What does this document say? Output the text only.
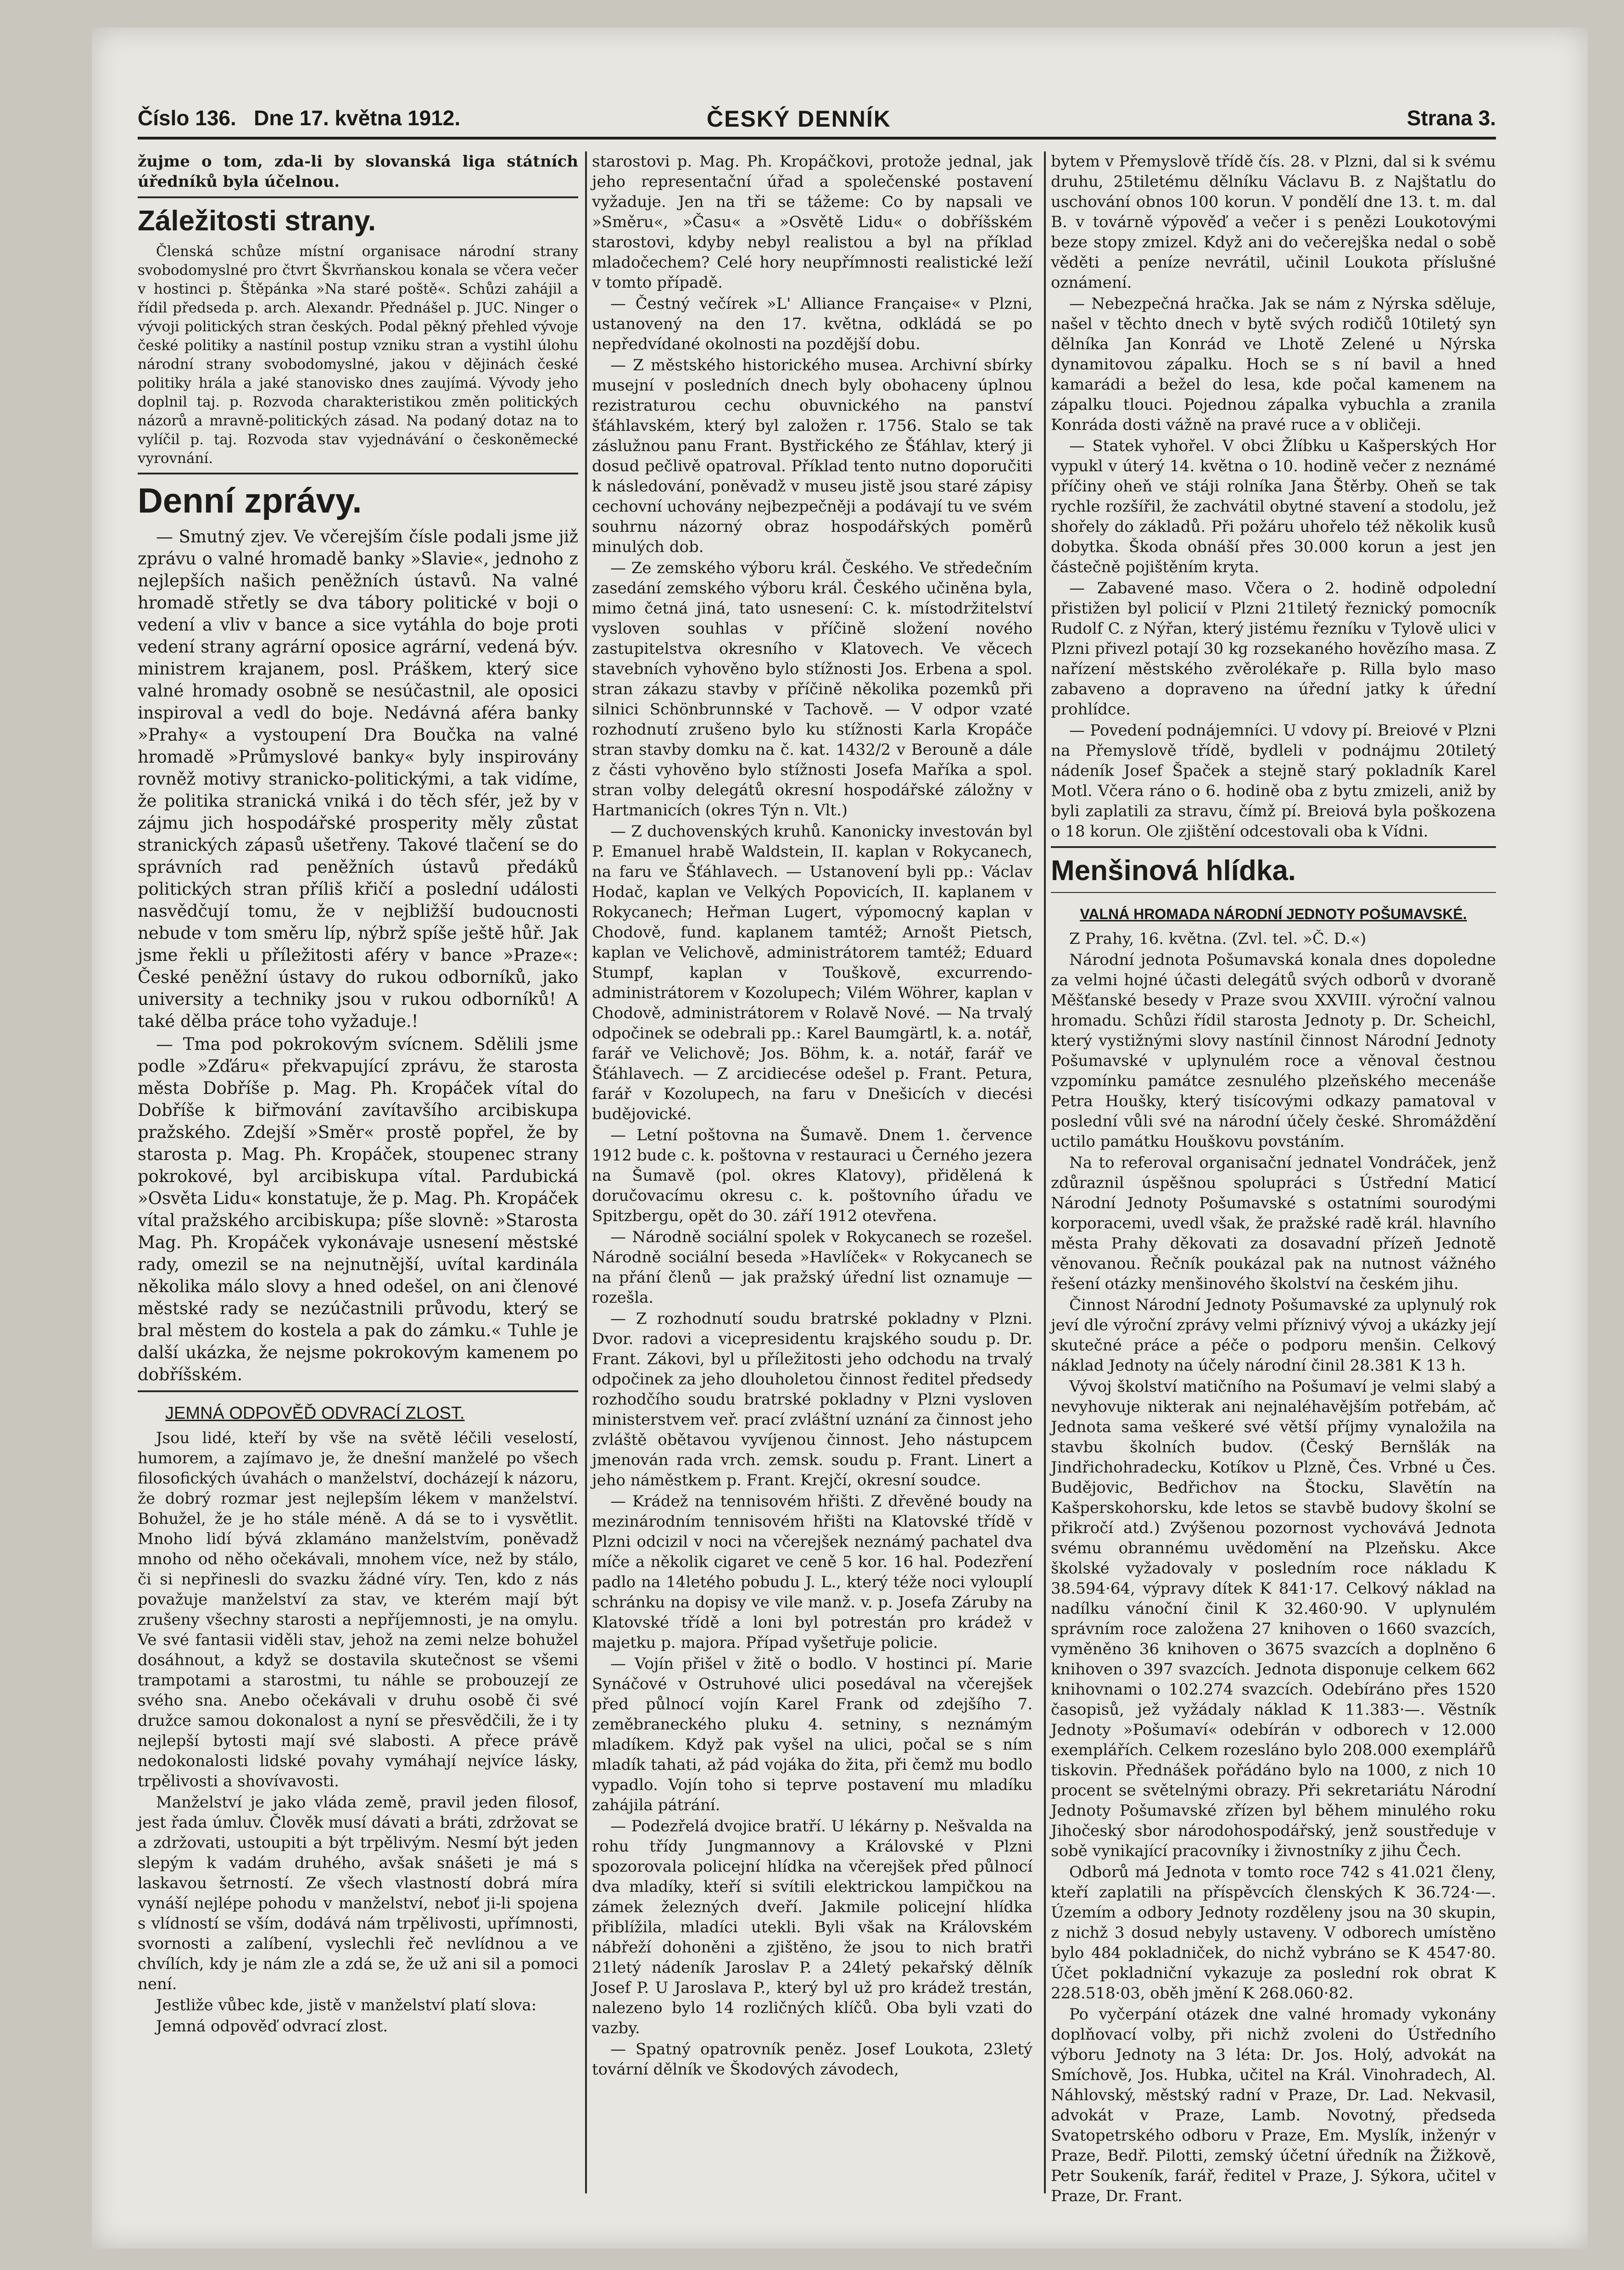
Číslo 136. Dne 17. května 1912.	ČESKÝ DENNÍK	Strana 3.

žujme o tom, zda-li by slovanská liga státních úředníků byla účelnou.

Záležitosti strany.

Členská schůze místní organisace národní strany svobodomyslné pro čtvrt Škvrňanskou konala se včera večer v hostinci p. Štěpánka »Na staré poště«. Schůzi zahájil a řídil předseda p. arch. Alexandr. Přednášel p. JUC. Ninger o vývoji politických stran českých. Podal pěkný přehled vývoje české politiky a nastínil postup vzniku stran a vystihl úlohu národní strany svobodomyslné, jakou v dějinách české politiky hrála a jaké stanovisko dnes zaujímá. Vývody jeho doplnil taj. p. Rozvoda charakteristikou změn politických názorů a mravně-politických zásad. Na podaný dotaz na to vylíčil p. taj. Rozvoda stav vyjednávání o českoněmecké vyrovnání.

Denní zprávy.

— Smutný zjev. Ve včerejším čísle podali jsme již zprávu o valné hromadě banky »Slavie«, jednoho z nejlepších našich peněžních ústavů. Na valné hromadě střetly se dva tábory politické v boji o vedení a vliv v bance a sice vytáhla do boje proti vedení strany agrární oposice agrární, vedená býv. ministrem krajanem, posl. Práškem, který sice valné hromady osobně se nesúčastnil, ale oposici inspiroval a vedl do boje. Nedávná aféra banky »Prahy« a vystoupení Dra Boučka na valné hromadě »Průmyslové banky« byly inspirovány rovněž motivy stranicko-politickými, a tak vidíme, že politika stranická vniká i do těch sfér, jež by v zájmu jich hospodářské prosperity měly zůstat stranických zápasů ušetřeny. Takové tlačení se do správních rad peněžních ústavů předáků politických stran příliš křičí a poslední události nasvědčují tomu, že v nejbližší budoucnosti nebude v tom směru líp, nýbrž spíše ještě hůř. Jak jsme řekli u příležitosti aféry v bance »Praze«: České peněžní ústavy do rukou odborníků, jako university a techniky jsou v rukou odborníků! A také dělba práce toho vyžaduje.!

— Tma pod pokrokovým svícnem. Sdělili jsme podle »Zďáru« překvapující zprávu, že starosta města Dobříše p. Mag. Ph. Kropáček vítal do Dobříše k biřmování zavítavšího arcibiskupa pražského. Zdejší »Směr« prostě popřel, že by starosta p. Mag. Ph. Kropáček, stoupenec strany pokrokové, byl arcibiskupa vítal. Pardubická »Osvěta Lidu« konstatuje, že p. Mag. Ph. Kropáček vítal pražského arcibiskupa; píše slovně: »Starosta Mag. Ph. Kropáček vykonávaje usnesení městské rady, omezil se na nejnutnější, uvítal kardinála několika málo slovy a hned odešel, on ani členové městské rady se nezúčastnili průvodu, který se bral městem do kostela a pak do zámku.« Tuhle je další ukázka, že nejsme pokrokovým kamenem po dobříšském.

JEMNÁ ODPOVĚĎ ODVRACÍ ZLOST.

Jsou lidé, kteří by vše na světě léčili veselostí, humorem, a zajímavo je, že dnešní manželé po všech filosofických úvahách o manželství, docházejí k názoru, že dobrý rozmar jest nejlepším lékem v manželství. Bohužel, že je ho stále méně. A dá se to i vysvětlit. Mnoho lidí bývá zklamáno manželstvím, poněvadž mnoho od něho očekávali, mnohem více, než by stálo, či si nepřinesli do svazku žádné víry. Ten, kdo z nás považuje manželství za stav, ve kterém mají být zrušeny všechny starosti a nepříjemnosti, je na omylu. Ve své fantasii viděli stav, jehož na zemi nelze bohužel dosáhnout, a když se dostavila skutečnost se všemi trampotami a starostmi, tu náhle se probouzejí ze svého sna. Anebo očekávali v druhu osobě či své družce samou dokonalost a nyní se přesvědčili, že i ty nejlepší bytosti mají své slabosti. A přece právě nedokonalosti lidské povahy vymáhají nejvíce lásky, trpělivosti a shovívavosti.

Manželství je jako vláda země, pravil jeden filosof, jest řada úmluv. Člověk musí dávati a bráti, zdržovat se a zdržovati, ustoupiti a být trpělivým. Nesmí být jeden slepým k vadám druhého, avšak snášeti je má s laskavou šetrností. Ze všech vlastností dobrá míra vynáší nejlépe pohodu v manželství, neboť ji-li spojena s vlídností se vším, dodává nám trpělivosti, upřímnosti, svornosti a zalíbení, vyslechli řeč nevlídnou a ve chvílích, kdy je nám zle a zdá se, že už ani sil a pomoci není.

Jestliže vůbec kde, jistě v manželství platí slova:

Jemná odpověď odvrací zlost.

starostovi p. Mag. Ph. Kropáčkovi, protože jednal, jak jeho representační úřad a společenské postavení vyžaduje. Jen na tři se tážeme: Co by napsali ve »Směru«, »Času« a »Osvětě Lidu« o dobříšském starostovi, kdyby nebyl realistou a byl na příklad mladočechem? Celé hory neupřímnosti realistické leží v tomto případě.

— Čestný večírek »L' Alliance Française« v Plzni, ustanovený na den 17. května, odkládá se po nepředvídané okolnosti na pozdější dobu.

— Z městského historického musea. Archivní sbírky musejní v posledních dnech byly obohaceny úplnou rezistraturou cechu obuvnického na panství šťáhlavském, který byl založen r. 1756. Stalo se tak záslužnou panu Frant. Bystřického ze Šťáhlav, který ji dosud pečlivě opatroval. Příklad tento nutno doporučiti k následování, poněvadž v museu jistě jsou staré zápisy cechovní uchovány nejbezpečněji a podávají tu ve svém souhrnu názorný obraz hospodářských poměrů minulých dob.

— Ze zemského výboru král. Českého. Ve středečním zasedání zemského výboru král. Českého učiněna byla, mimo četná jiná, tato usnesení: C. k. místodržitelství vysloven souhlas v příčině složení nového zastupitelstva okresního v Klatovech. Ve věcech stavebních vyhověno bylo stížnosti Jos. Erbena a spol. stran zákazu stavby v příčině několika pozemků při silnici Schönbrunnské v Tachově. — V odpor vzaté rozhodnutí zrušeno bylo ku stížnosti Karla Kropáče stran stavby domku na č. kat. 1432/2 v Berouně a dále z části vyhověno bylo stížnosti Josefa Maříka a spol. stran volby delegátů okresní hospodářské záložny v Hartmanicích (okres Týn n. Vlt.)

— Z duchovenských kruhů. Kanonicky investován byl P. Emanuel hrabě Waldstein, II. kaplan v Rokycanech, na faru ve Šťáhlavech. — Ustanovení byli pp.: Václav Hodač, kaplan ve Velkých Popovicích, II. kaplanem v Rokycanech; Heřman Lugert, výpomocný kaplan v Chodově, fund. kaplanem tamtéž; Arnošt Pietsch, kaplan ve Velichově, administrátorem tamtéž; Eduard Stumpf, kaplan v Touškově, excurrendo-administrátorem v Kozolupech; Vilém Wöhrer, kaplan v Chodově, administrátorem v Rolavě Nové. — Na trvalý odpočinek se odebrali pp.: Karel Baumgärtl, k. a. notář, farář ve Velichově; Jos. Böhm, k. a. notář, farář ve Šťáhlavech. — Z arcidiecése odešel p. Frant. Petura, farář v Kozolupech, na faru v Dnešicích v diecési budějovické.

— Letní poštovna na Šumavě. Dnem 1. července 1912 bude c. k. poštovna v restauraci u Černého jezera na Šumavě (pol. okres Klatovy), přidělená k doručovacímu okresu c. k. poštovního úřadu ve Spitzbergu, opět do 30. září 1912 otevřena.

— Národně sociální spolek v Rokycanech se rozešel. Národně sociální beseda »Havlíček« v Rokycanech se na přání členů — jak pražský úřední list oznamuje — rozešla.

— Z rozhodnutí soudu bratrské pokladny v Plzni. Dvor. radovi a vicepresidentu krajského soudu p. Dr. Frant. Zákovi, byl u příležitosti jeho odchodu na trvalý odpočinek za jeho dlouholetou činnost ředitel předsedy rozhodčího soudu bratrské pokladny v Plzni vysloven ministerstvem veř. prací zvláštní uznání za činnost jeho zvláště obětavou vyvíjenou činnost. Jeho nástupcem jmenován rada vrch. zemsk. soudu p. Frant. Linert a jeho náměstkem p. Frant. Krejčí, okresní soudce.

— Krádež na tennisovém hřišti. Z dřevěné boudy na mezinárodním tennisovém hřišti na Klatovské třídě v Plzni odcizil v noci na včerejšek neznámý pachatel dva míče a několik cigaret ve ceně 5 kor. 16 hal. Podezření padlo na 14letého pobudu J. L., který téže noci vylouplí schránku na dopisy ve vile manž. v. p. Josefa Záruby na Klatovské třídě a loni byl potrestán pro krádež v majetku p. majora. Případ vyšetřuje policie.

— Vojín přišel v žitě o bodlo. V hostinci pí. Marie Synáčové v Ostruhové ulici posedával na včerejšek před půlnocí vojín Karel Frank od zdejšího 7. zeměbraneckého pluku 4. setniny, s neznámým mladíkem. Když pak vyšel na ulici, počal se s ním mladík tahati, až pád vojáka do žita, při čemž mu bodlo vypadlo. Vojín toho si teprve postavení mu mladíku zahájila pátrání.

— Podezřelá dvojice bratří. U lékárny p. Nešvalda na rohu třídy Jungmannovy a Královské v Plzni spozorovala policejní hlídka na včerejšek před půlnocí dva mladíky, kteří si svítili elektrickou lampičkou na zámek železných dveří. Jakmile policejní hlídka přiblížila, mladíci utekli. Byli však na Královském nábřeží dohoněni a zjištěno, že jsou to nich bratři 21letý nádeník Jaroslav P. a 24letý pekařský dělník Josef P. U Jaroslava P., který byl už pro krádež trestán, nalezeno bylo 14 rozličných klíčů. Oba byli vzati do vazby.

— Spatný opatrovník peněz. Josef Loukota, 23letý tovární dělník ve Škodových závodech,

bytem v Přemyslově třídě čís. 28. v Plzni, dal si k svému druhu, 25tiletému dělníku Václavu B. z Najštatlu do uschování obnos 100 korun. V pondělí dne 13. t. m. dal B. v továrně výpověď a večer i s penězi Loukotovými beze stopy zmizel. Když ani do večerejška nedal o sobě věděti a peníze nevrátil, učinil Loukota příslušné oznámení.

— Nebezpečná hračka. Jak se nám z Nýrska sděluje, našel v těchto dnech v bytě svých rodičů 10tiletý syn dělníka Jan Konrád ve Lhotě Zelené u Nýrska dynamitovou zápalku. Hoch se s ní bavil a hned kamarádi a bežel do lesa, kde počal kamenem na zápalku tlouci. Pojednou zápalka vybuchla a zranila Konráda dosti vážně na pravé ruce a v obličeji.

— Statek vyhořel. V obci Žlíbku u Kašperských Hor vypukl v úterý 14. května o 10. hodině večer z neznámé příčiny oheň ve stáji rolníka Jana Štěrby. Oheň se tak rychle rozšířil, že zachvátil obytné stavení a stodolu, jež shořely do základů. Při požáru uhořelo též několik kusů dobytka. Škoda obnáší přes 30.000 korun a jest jen částečně pojištěním kryta.

— Zabavené maso. Včera o 2. hodině odpolední přistižen byl policií v Plzni 21tiletý řeznický pomocník Rudolf C. z Nýřan, který jistému řezníku v Tylově ulici v Plzni přivezl potají 30 kg rozsekaného hovězího masa. Z nařízení městského zvěrolékaře p. Rilla bylo maso zabaveno a dopraveno na úřední jatky k úřední prohlídce.

— Povedení podnájemníci. U vdovy pí. Breiové v Plzni na Přemyslově třídě, bydleli v podnájmu 20tiletý nádeník Josef Špaček a stejně starý pokladník Karel Motl. Včera ráno o 6. hodině oba z bytu zmizeli, aniž by byli zaplatili za stravu, čímž pí. Breiová byla poškozena o 18 korun. Ole zjištění odcestovali oba k Vídni.

Menšinová hlídka.
VALNÁ HROMADA NÁRODNÍ JEDNOTY POŠUMAVSKÉ.

Z Prahy, 16. května. (Zvl. tel. »Č. D.«)

Národní jednota Pošumavská konala dnes dopoledne za velmi hojné účasti delegátů svých odborů v dvoraně Měšťanské besedy v Praze svou XXVIII. výroční valnou hromadu. Schůzi řídil starosta Jednoty p. Dr. Scheichl, který vystižnými slovy nastínil činnost Národní Jednoty Pošumavské v uplynulém roce a věnoval čestnou vzpomínku památce zesnulého plzeňského mecenáše Petra Houšky, který tisícovými odkazy pamatoval v poslední vůli své na národní účely české. Shromáždění uctilo památku Houškovu povstáním.

Na to referoval organisační jednatel Vondráček, jenž zdůraznil úspěšnou spolupráci s Ústřední Maticí Národní Jednoty Pošumavské s ostatními sourodými korporacemi, uvedl však, že pražské radě král. hlavního města Prahy děkovati za dosavadní přízeň Jednotě věnovanou. Řečník poukázal pak na nutnost vážného řešení otázky menšinového školství na českém jihu.

Činnost Národní Jednoty Pošumavské za uplynulý rok jeví dle výroční zprávy velmi příznivý vývoj a ukázky její skutečné práce a péče o podporu menšin. Celkový náklad Jednoty na účely národní činil 28.381 K 13 h.

Vývoj školství matičního na Pošumaví je velmi slabý a nevyhovuje nikterak ani nejnaléhavějším potřebám, ač Jednota sama veškeré své větší příjmy vynaložila na stavbu školních budov. (Český Bernšlák na Jindřichohradecku, Kotíkov u Plzně, Čes. Vrbné u Čes. Budějovic, Bedřichov na Štocku, Slavětín na Kašperskohorsku, kde letos se stavbě budovy školní se přikročí atd.) Zvýšenou pozornost vychovává Jednota svému obrannému uvědomění na Plzeňsku. Akce školské vyžadovaly v posledním roce nákladu K 38.594·64, výpravy dítek K 841·17. Celkový náklad na nadílku vánoční činil K 32.460·90. V uplynulém správním roce založena 27 knihoven o 1660 svazcích, vyměněno 36 knihoven o 3675 svazcích a doplněno 6 knihoven o 397 svazcích. Jednota disponuje celkem 662 knihovnami o 102.274 svazcích. Odebíráno přes 1520 časopisů, jež vyžádaly náklad K 11.383·—. Věstník Jednoty »Pošumaví« odebírán v odborech v 12.000 exemplářích. Celkem rozesláno bylo 208.000 exemplářů tiskovin. Přednášek pořádáno bylo na 1000, z nich 10 procent se světelnými obrazy. Při sekretariátu Národní Jednoty Pošumavské zřízen byl během minulého roku Jihočeský sbor národohospodářský, jenž soustředuje v sobě vynikající pracovníky i živnostníky z jihu Čech.

Odborů má Jednota v tomto roce 742 s 41.021 členy, kteří zaplatili na příspěvcích členských K 36.724·—. Územím a odbory Jednoty rozděleny jsou na 30 skupin, z nichž 3 dosud nebyly ustaveny. V odborech umístěno bylo 484 pokladniček, do nichž vybráno se K 4547·80. Účet pokladniční vykazuje za poslední rok obrat K 228.518·03, oběh jmění K 268.060·82.

Po vyčerpání otázek dne valné hromady vykonány doplňovací volby, při nichž zvoleni do Ústředního výboru Jednoty na 3 léta: Dr. Jos. Holý, advokát na Smíchově, Jos. Hubka, učitel na Král. Vinohradech, Al. Náhlovský, městský radní v Praze, Dr. Lad. Nekvasil, advokát v Praze, Lamb. Novotný, předseda Svatopetrského odboru v Praze, Em. Myslík, inženýr v Praze, Bedř. Pilotti, zemský účetní úředník na Žižkově, Petr Soukeník, farář, ředitel v Praze, J. Sýkora, učitel v Praze, Dr. Frant.
